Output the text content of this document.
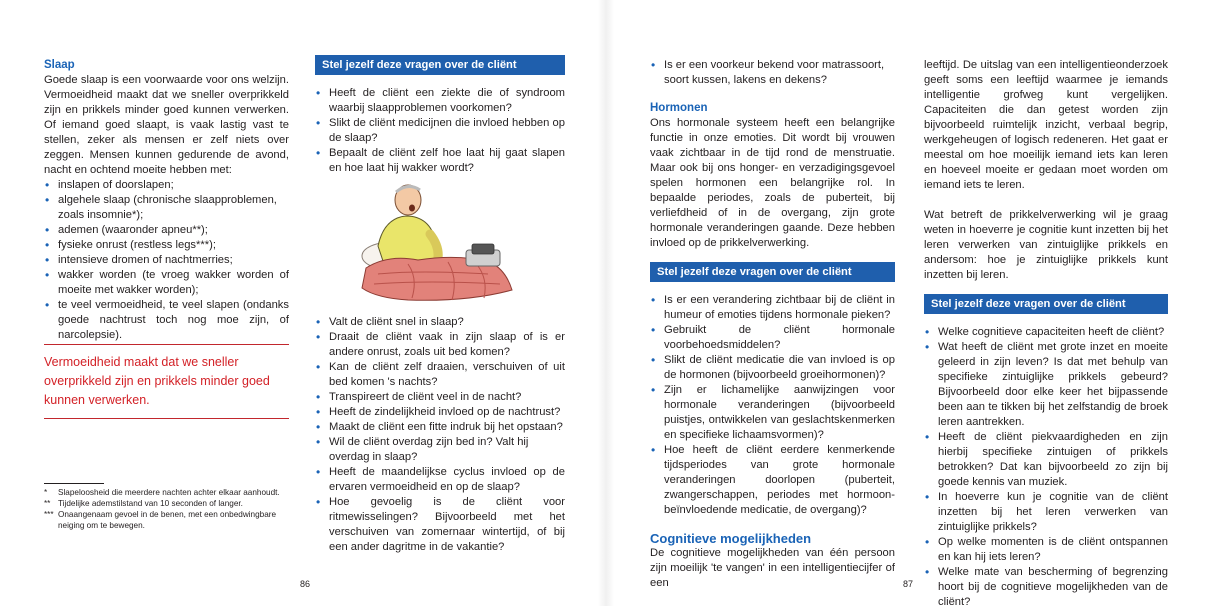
Slaap

Goede slaap is een voorwaarde voor ons welzijn. Vermoeidheid maakt dat we sneller overprikkeld zijn en prikkels minder goed kunnen verwerken. Of iemand goed slaapt, is vaak lastig vast te stellen, zeker als mensen er zelf niets over zeggen. Mensen kunnen gedurende de avond, nacht en ochtend moeite hebben met:

• inslapen of doorslapen;
• algehele slaap (chronische slaapproblemen, zoals insomnie*);
• ademen (waaronder apneu**);
• fysieke onrust (restless legs***);
• intensieve dromen of nachtmerries;
• wakker worden (te vroeg wakker worden of moeite met wakker worden);
• te veel vermoeidheid, te veel slapen (ondanks goede nachtrust toch nog moe zijn, of narcolepsie).

Vermoeidheid maakt dat we sneller overprikkeld zijn en prikkels minder goed kunnen verwerken.

*	Slapeloosheid die meerdere nachten achter elkaar aanhoudt.
** Tijdelijke ademstilstand van 10 seconden of langer.
*** Onaangenaam gevoel in de benen, met een onbedwingbare neiging om te bewegen.
Stel jezelf deze vragen over de cliënt
• Heeft de cliënt een ziekte die of syndroom waarbij slaapproblemen voorkomen?
• Slikt de cliënt medicijnen die invloed hebben op de slaap?
• Bepaalt de cliënt zelf hoe laat hij gaat slapen en hoe laat hij wakker wordt?
• Valt de cliënt snel in slaap?
• Draait de cliënt vaak in zijn slaap of is er andere onrust, zoals uit bed komen?
• Kan de cliënt zelf draaien, verschuiven of uit bed komen 's nachts?
• Transpireert de cliënt veel in de nacht?
• Heeft de zindelijkheid invloed op de nachtrust?
• Maakt de cliënt een fitte indruk bij het opstaan?
• Wil de cliënt overdag zijn bed in? Valt hij overdag in slaap?
• Heeft de maandelijkse cyclus invloed op de ervaren vermoeidheid en op de slaap?
• Hoe gevoelig is de cliënt voor ritmewisselingen? Bijvoorbeeld met het verschuiven van zomernaar wintertijd, of bij een ander dagritme in de vakantie?
86
• Is er een voorkeur bekend voor matrassoort, soort kussen, lakens en dekens?

Hormonen

Ons hormonale systeem heeft een belangrijke functie in onze emoties. Dit wordt bij vrouwen vaak zichtbaar in de tijd rond de menstruatie. Maar ook bij ons honger- en verzadigingsgevoel spelen hormonen een belangrijke rol. In bepaalde periodes, zoals de puberteit, bij verliefdheid of in de overgang, zijn grote hormonale veranderingen gaande. Deze hebben invloed op de prikkelverwerking.

Stel jezelf deze vragen over de cliënt
• Is er een verandering zichtbaar bij de cliënt in humeur of emoties tijdens hormonale pieken?
• Gebruikt de cliënt hormonale voorbehoedsmiddelen?
• Slikt de cliënt medicatie die van invloed is op de hormonen (bijvoorbeeld groeihormonen)?
• Zijn er lichamelijke aanwijzingen voor hormonale veranderingen (bijvoorbeeld puistjes, ontwikkelen van geslachtskenmerken en specifieke lichaamsvormen)?
• Hoe heeft de cliënt eerdere kenmerkende tijdsperiodes van grote hormonale veranderingen doorlopen (puberteit, zwangerschappen, periodes met hormoon-beïnvloedende medicatie, de overgang)?

Cognitieve mogelijkheden

De cognitieve mogelijkheden van één persoon zijn moeilijk 'te vangen' in een intelligentiecijfer of een

leeftijd. De uitslag van een intelligentieonderzoek geeft soms een leeftijd waarmee je iemands intelligentie grofweg kunt vergelijken. Capaciteiten die dan getest worden zijn bijvoorbeeld ruimtelijk inzicht, verbaal begrip, werkgeheugen of logisch redeneren. Het gaat er meestal om hoe moeilijk iemand iets kan leren en hoeveel moeite er gedaan moet worden om iemand iets te leren.

Wat betreft de prikkelverwerking wil je graag weten in hoeverre je cognitie kunt inzetten bij het leren verwerken van zintuiglijke prikkels en andersom: hoe je zintuiglijke prikkels kunt inzetten bij leren.

Stel jezelf deze vragen over de cliënt
• Welke cognitieve capaciteiten heeft de cliënt?
• Wat heeft de cliënt met grote inzet en moeite geleerd in zijn leven? Is dat met behulp van specifieke zintuiglijke prikkels gebeurd? Bijvoorbeeld door elke keer het bijpassende been aan te tikken bij het zelfstandig de broek leren aantrekken.
• Heeft de cliënt piekvaardigheden en zijn hierbij specifieke zintuigen of prikkels betrokken? Dat kan bijvoorbeeld zo zijn bij goede kennis van muziek.
• In hoeverre kun je cognitie van de cliënt inzetten bij het leren verwerken van zintuiglijke prikkels?
• Op welke momenten is de cliënt ontspannen en kan hij iets leren?
• Welke mate van bescherming of begrenzing hoort bij de cognitieve mogelijkheden van de cliënt?
87
